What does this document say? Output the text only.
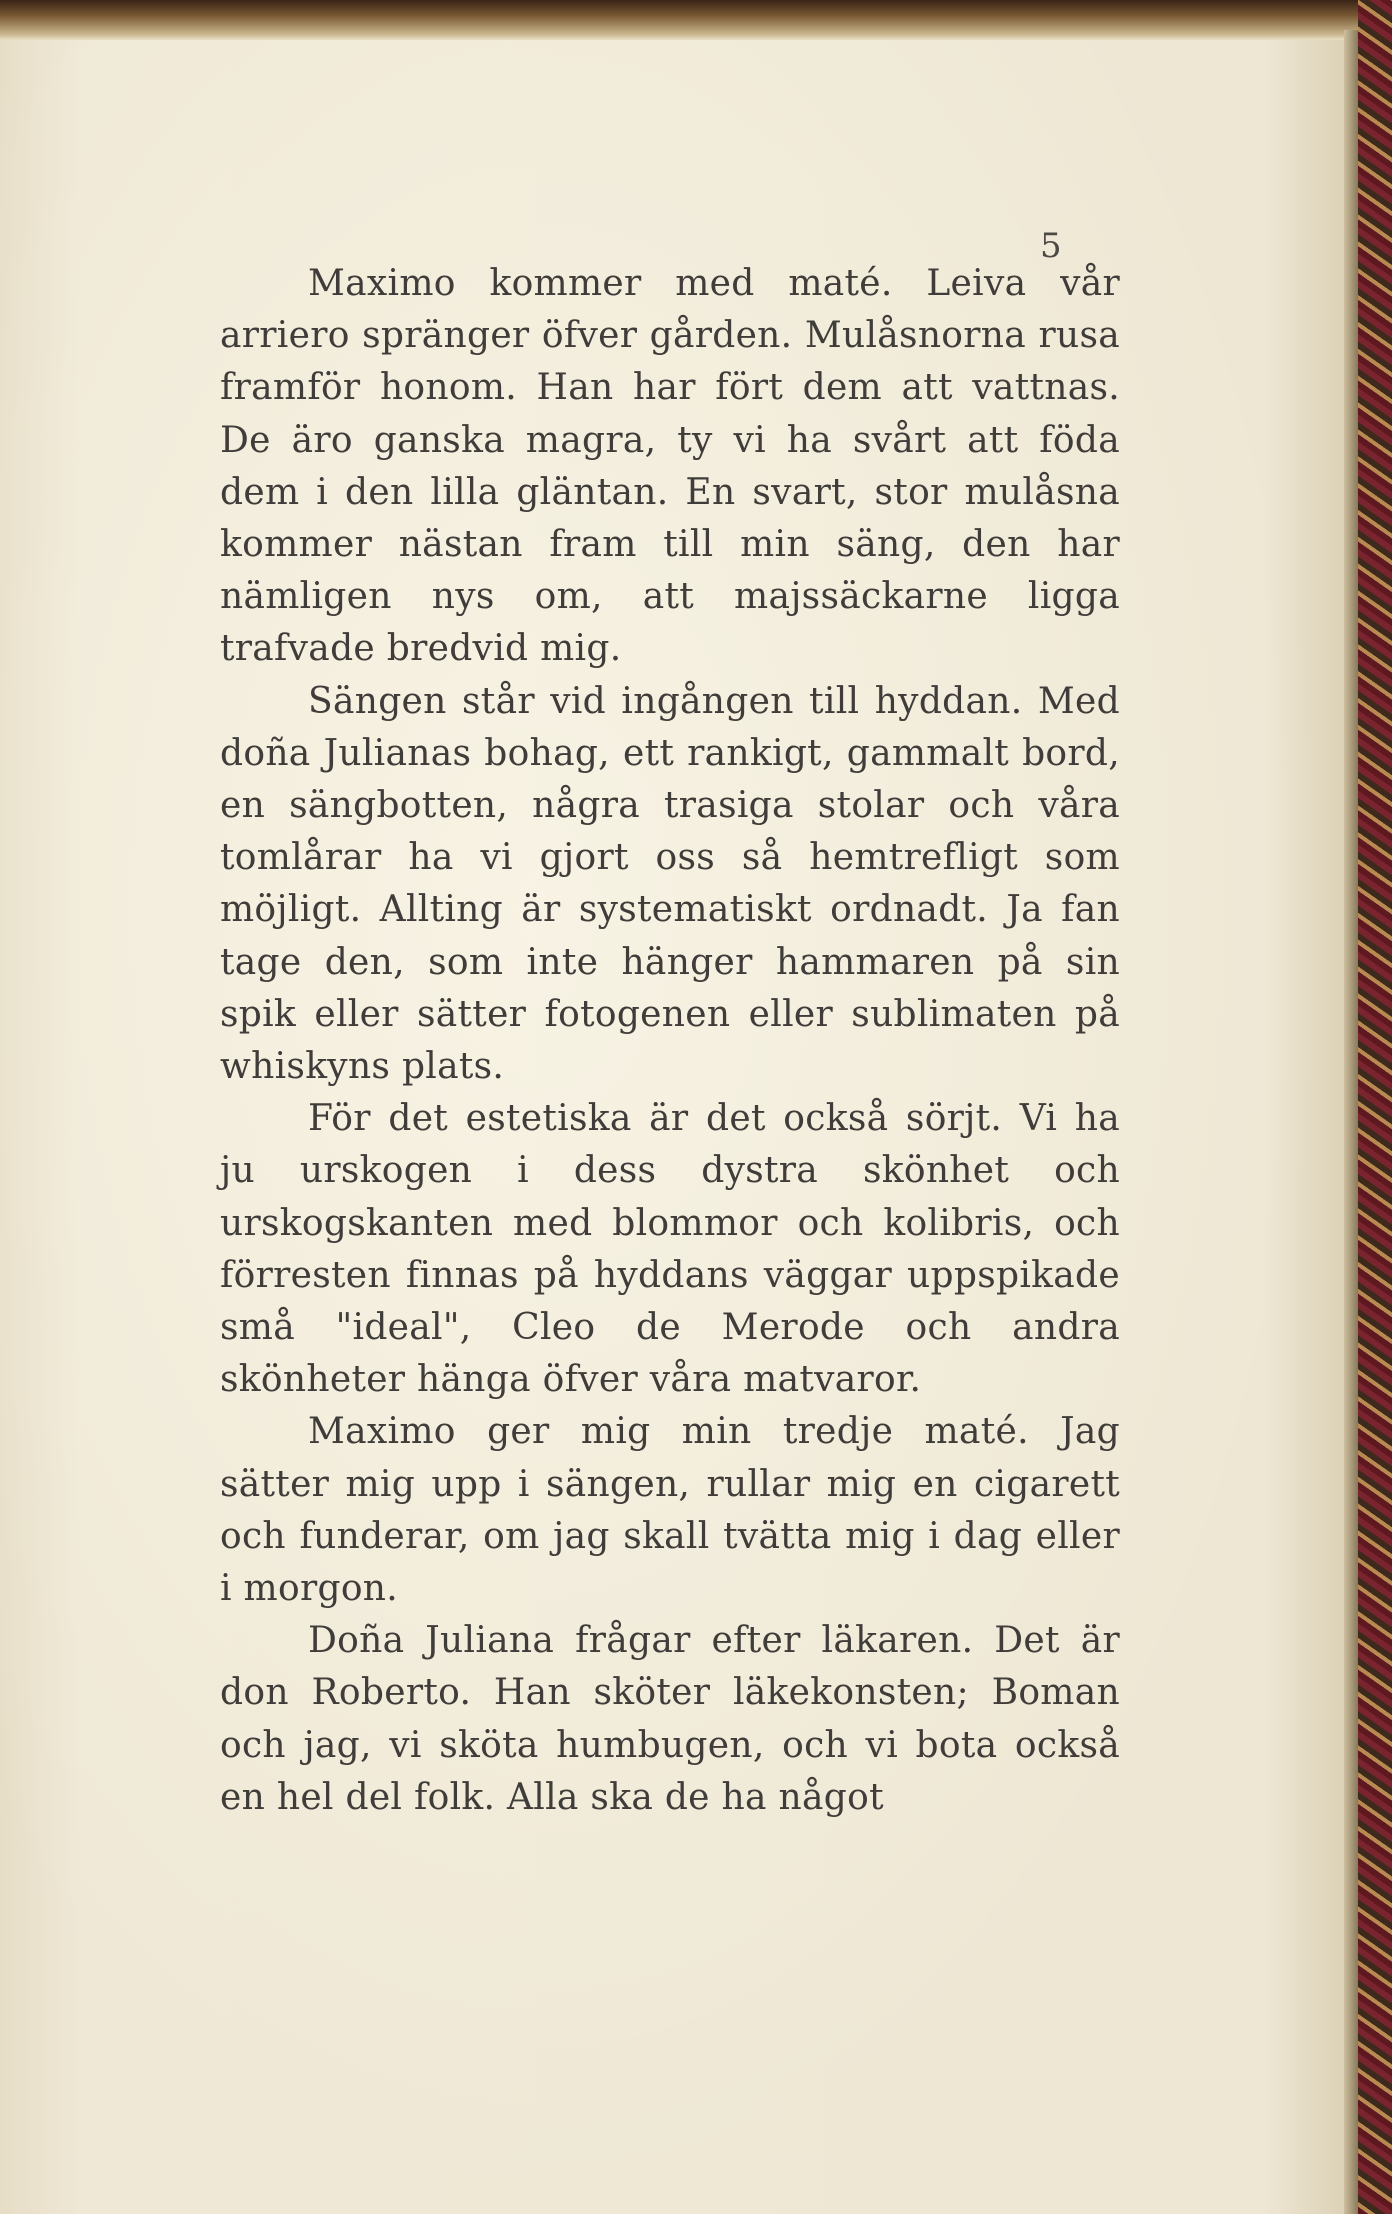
5

Maximo kommer med maté. Leiva vår arriero spränger öfver gården. Mulåsnorna rusa framför honom. Han har fört dem att vattnas. De äro ganska magra, ty vi ha svårt att föda dem i den lilla gläntan. En svart, stor mulåsna kommer nästan fram till min säng, den har nämligen nys om, att majssäckarne ligga trafvade bredvid mig.

Sängen står vid ingången till hyddan. Med doña Julianas bohag, ett rankigt, gammalt bord, en sängbotten, några trasiga stolar och våra tomlårar ha vi gjort oss så hemtrefligt som möjligt. Allting är systematiskt ordnadt. Ja fan tage den, som inte hänger hammaren på sin spik eller sätter fotogenen eller sublimaten på whiskyns plats.

För det estetiska är det också sörjt. Vi ha ju urskogen i dess dystra skönhet och urskogskanten med blommor och kolibris, och förresten finnas på hyddans väggar uppspikade små "ideal", Cleo de Merode och andra skönheter hänga öfver våra matvaror.

Maximo ger mig min tredje maté. Jag sätter mig upp i sängen, rullar mig en cigarett och funderar, om jag skall tvätta mig i dag eller i morgon.

Doña Juliana frågar efter läkaren. Det är don Roberto. Han sköter läkekonsten; Boman och jag, vi sköta humbugen, och vi bota också en hel del folk. Alla ska de ha något
